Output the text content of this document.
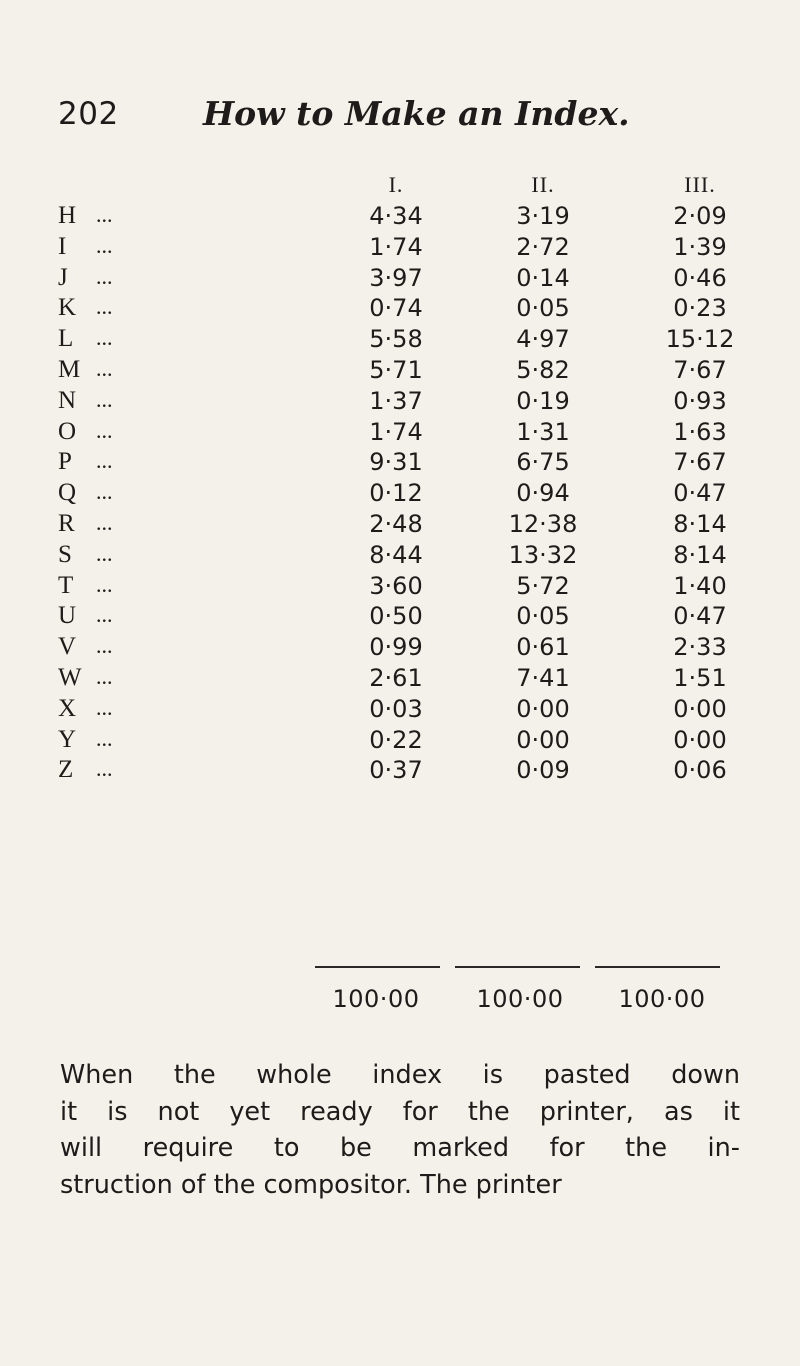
202	How to Make an Index.
I.	II.	III.
H ...	4·34	3·19	2·09
I ...	1·74	2·72	1·39
J ...	3·97	0·14	0·46
K ...	0·74	0·05	0·23
L ...	5·58	4·97	15·12
M ...	5·71	5·82	7·67
N ...	1·37	0·19	0·93
O ...	1·74	1·31	1·63
P ...	9·31	6·75	7·67
Q ...	0·12	0·94	0·47
R ...	2·48	12·38	8·14
S ...	8·44	13·32	8·14
T ...	3·60	5·72	1·40
U ...	0·50	0·05	0·47
V ...	0·99	0·61	2·33
W ...	2·61	7·41	1·51
X ...	0·03	0·00	0·00
Y ...	0·22	0·00	0·00
Z ...	0·37	0·09	0·06
100·00	100·00	100·00
When the whole index is pasted down
it is not yet ready for the printer, as it
will require to be marked for the in-
struction of the compositor. The printer
